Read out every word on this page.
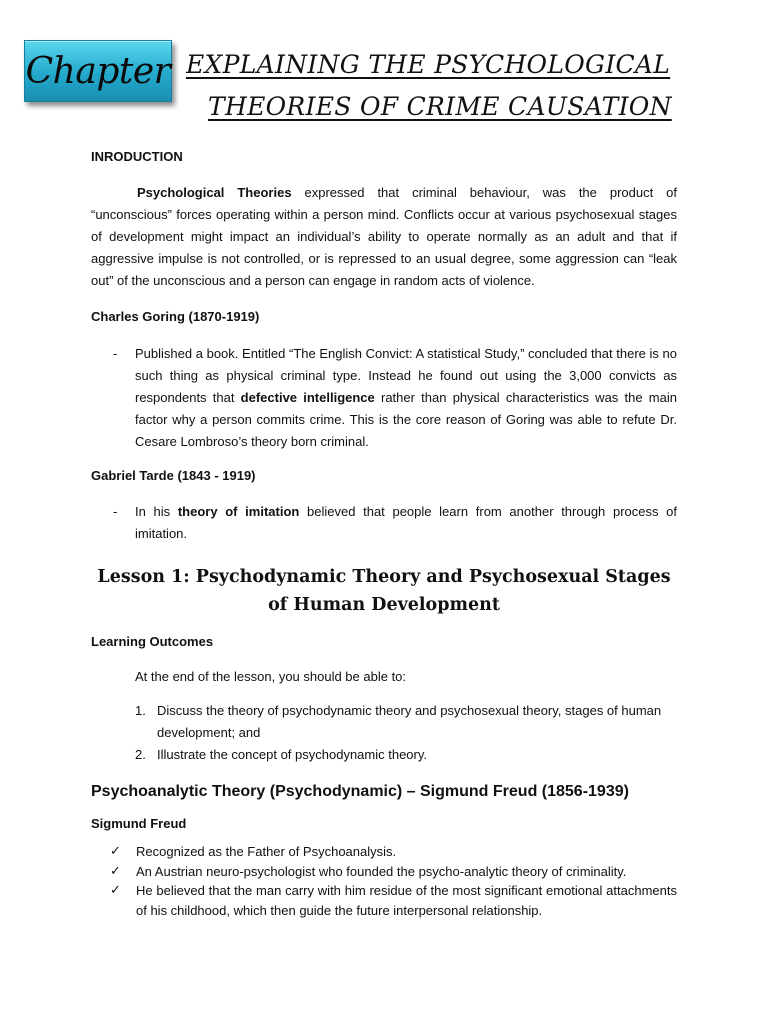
Chapter EXPLAINING THE PSYCHOLOGICAL
THEORIES OF CRIME CAUSATION

INRODUCTION

Psychological Theories expressed that criminal behaviour, was the product of “unconscious” forces operating within a person mind. Conflicts occur at various psychosexual stages of development might impact an individual’s ability to operate normally as an adult and that if aggressive impulse is not controlled, or is repressed to an usual degree, some aggression can “leak out” of the unconscious and a person can engage in random acts of violence.

Charles Goring (1870-1919)

-	Published a book. Entitled “The English Convict: A statistical Study,” concluded that there is no such thing as physical criminal type. Instead he found out using the 3,000 convicts as respondents that defective intelligence rather than physical characteristics was the main factor why a person commits crime. This is the core reason of Goring was able to refute Dr. Cesare Lombroso’s theory born criminal.

Gabriel Tarde (1843 - 1919)

-	In his theory of imitation believed that people learn from another through process of imitation.

Lesson 1: Psychodynamic Theory and Psychosexual Stages

of Human Development

Learning Outcomes

At the end of the lesson, you should be able to:

1. Discuss the theory of psychodynamic theory and psychosexual theory, stages of human development; and
2. Illustrate the concept of psychodynamic theory.

Psychoanalytic Theory (Psychodynamic) – Sigmund Freud (1856-1939)

Sigmund Freud

✓	Recognized as the Father of Psychoanalysis.
✓	An Austrian neuro-psychologist who founded the psycho-analytic theory of criminality.
✓	He believed that the man carry with him residue of the most significant emotional attachments of his childhood, which then guide the future interpersonal relationship.
